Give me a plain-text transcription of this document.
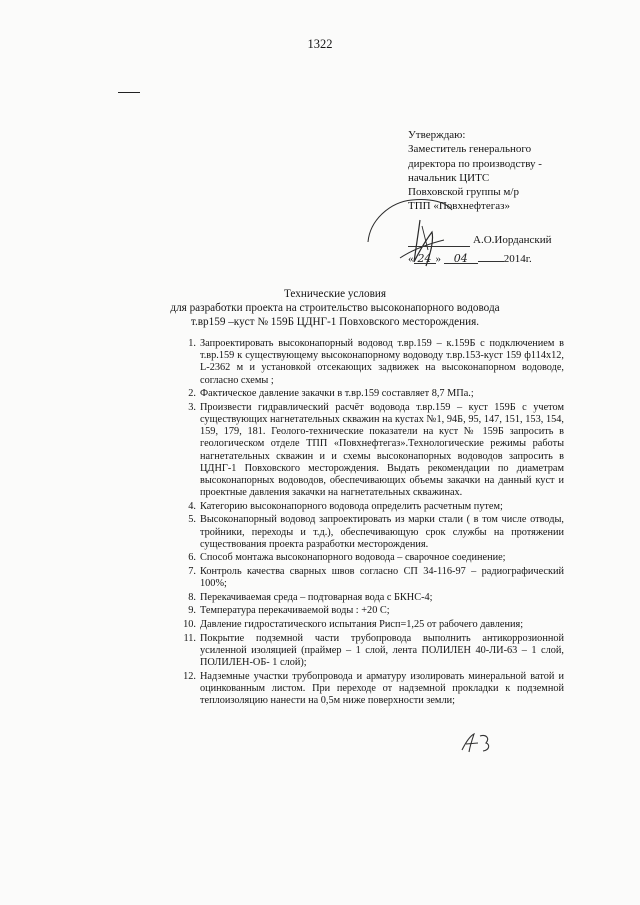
1322
Утверждаю:
Заместитель генерального
директора по производству -
начальник ЦИТС
Повховской группы м/р
ТПП «Повхнефтегаз»
А.О.Иорданский
« 24 » 04	2014г.
Технические условия
для разработки проекта на строительство высоконапорного водовода
т.вр159 –куст № 159Б ЦДНГ-1 Повховского месторождения.
1. Запроектировать высоконапорный водовод т.вр.159 – к.159Б с подключением в т.вр.159 к существующему высоконапорному водоводу т.вр.153-куст 159 ф114х12, L-2362 м и установкой отсекающих задвижек на высоконапорном водоводе, согласно схемы ;
2. Фактическое давление закачки в т.вр.159 составляет 8,7 МПа.;
3. Произвести гидравлический расчёт водовода т.вр.159 – куст 159Б с учетом существующих нагнетательных скважин на кустах №1, 94Б, 95, 147, 151, 153, 154, 159, 179, 181. Геолого-технические показатели на куст № 159Б запросить в геологическом отделе ТПП «Повхнефтегаз».Технологические режимы работы нагнетательных скважин и и схемы высоконапорных водоводов запросить в ЦДНГ-1 Повховского месторождения. Выдать рекомендации по диаметрам высоконапорных водоводов, обеспечивающих объемы закачки на данный куст и проектные давления закачки на нагнетательных скважинах.
4. Категорию высоконапорного водовода определить расчетным путем;
5. Высоконапорный водовод запроектировать из марки стали ( в том числе отводы, тройники, переходы и т.д.), обеспечивающую срок службы на протяжении существования проекта разработки месторождения.
6. Способ монтажа высоконапорного водовода – сварочное соединение;
7. Контроль качества сварных швов согласно СП 34-116-97 – радиографический 100%;
8. Перекачиваемая среда – подтоварная вода с БКНС-4;
9. Температура перекачиваемой воды : +20 С;
10. Давление гидростатического испытания Рисп=1,25 от рабочего давления;
11. Покрытие подземной части трубопровода выполнить антикоррозионной усиленной изоляцией (праймер – 1 слой, лента ПОЛИЛЕН 40-ЛИ-63 – 1 слой, ПОЛИЛЕН-ОБ- 1 слой);
12. Надземные участки трубопровода и арматуру изолировать минеральной ватой и оцинкованным листом. При переходе от надземной прокладки к подземной теплоизоляцию нанести на 0,5м ниже поверхности земли;
